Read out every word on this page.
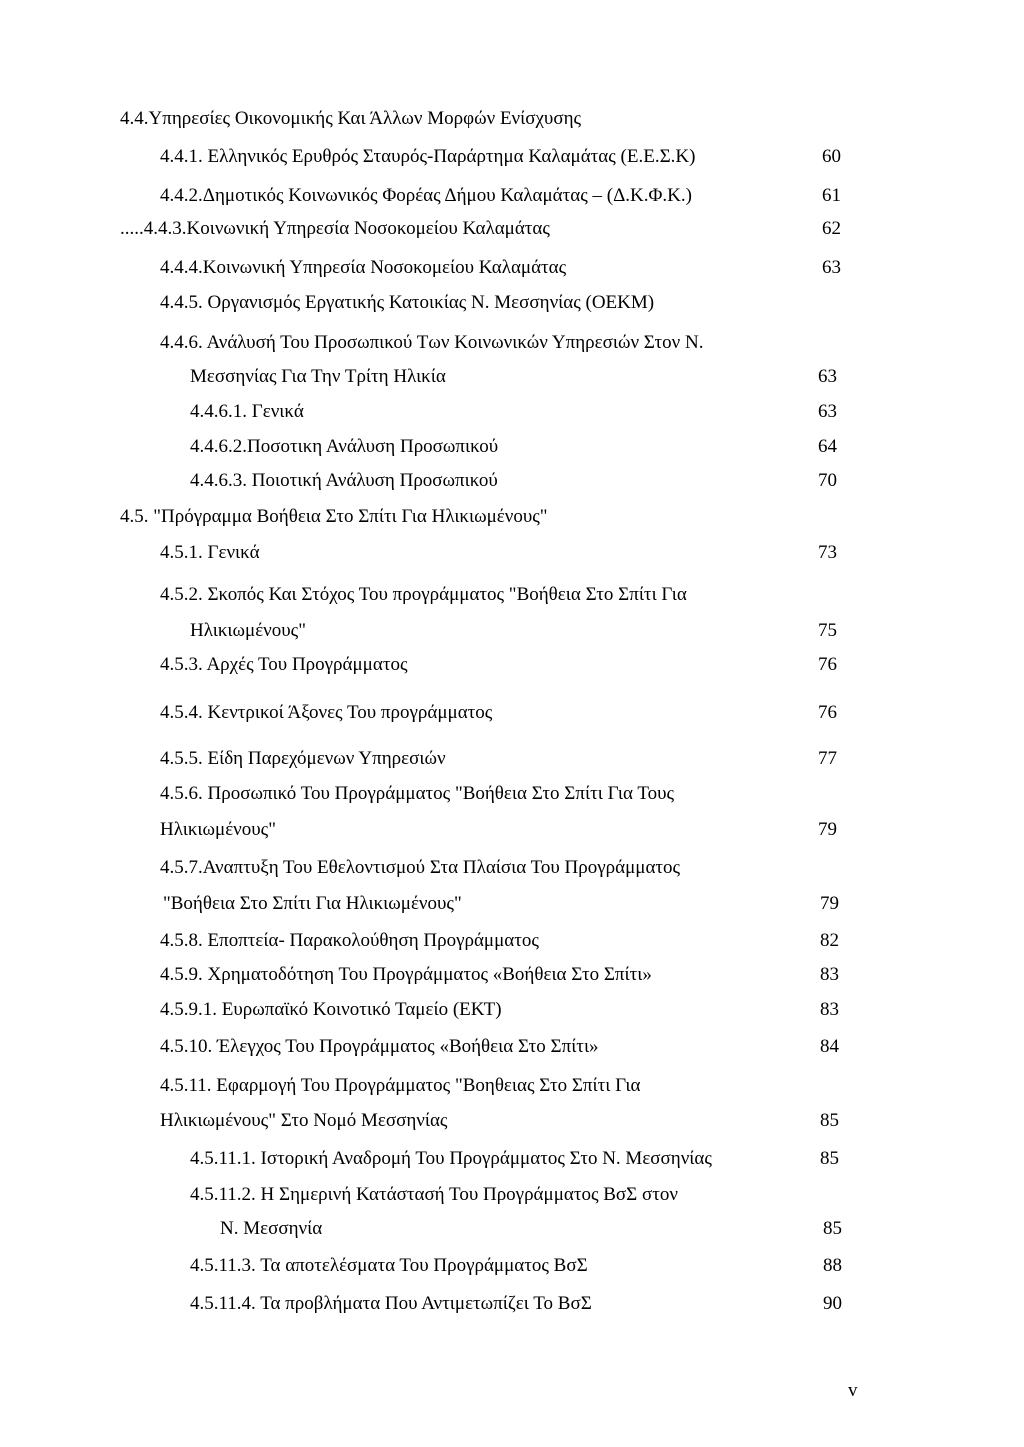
4.4.Υπηρεσίες Οικονομικής Και Άλλων Μορφών Ενίσχυσης
4.4.1. Ελληνικός Ερυθρός Σταυρός-Παράρτημα Καλαμάτας (Ε.Ε.Σ.Κ)	60
4.4.2.Δημοτικός Κοινωνικός Φορέας Δήμου Καλαμάτας – (Δ.Κ.Φ.Κ.)	61
.....4.4.3.Κοινωνική Υπηρεσία Νοσοκομείου Καλαμάτας	62
4.4.4.Κοινωνική Υπηρεσία Νοσοκομείου Καλαμάτας	63
4.4.5. Οργανισμός Εργατικής Κατοικίας Ν. Μεσσηνίας (ΟΕΚΜ)
4.4.6. Ανάλυσή Του Προσωπικού Των Κοινωνικών Υπηρεσιών Στον Ν.
Μεσσηνίας Για Την Τρίτη Ηλικία	63
4.4.6.1. Γενικά	63
4.4.6.2.Ποσοτικη Ανάλυση Προσωπικού	64
4.4.6.3. Ποιοτική Ανάλυση Προσωπικού	70
4.5. "Πρόγραμμα Βοήθεια Στο Σπίτι Για Ηλικιωμένους"
4.5.1. Γενικά	73
4.5.2. Σκοπός Και Στόχος Του προγράμματος "Βοήθεια Στο Σπίτι Για
Ηλικιωμένους"	75
4.5.3. Αρχές Του Προγράμματος	76
4.5.4. Κεντρικοί Άξονες Του προγράμματος	76
4.5.5. Είδη Παρεχόμενων Υπηρεσιών	77
4.5.6. Προσωπικό Του Προγράμματος "Βοήθεια Στο Σπίτι Για Τους
Ηλικιωμένους"	79
4.5.7.Αναπτυξη Του Εθελοντισμού Στα Πλαίσια Του Προγράμματος
"Βοήθεια Στο Σπίτι Για Ηλικιωμένους"	79
4.5.8. Εποπτεία- Παρακολούθηση Προγράμματος	82
4.5.9. Χρηματοδότηση Του Προγράμματος «Βοήθεια Στο Σπίτι»	83
4.5.9.1. Ευρωπαϊκό Κοινοτικό Ταμείο (ΕΚΤ)	83
4.5.10. Έλεγχος Του Προγράμματος «Βοήθεια Στο Σπίτι»	84
4.5.11. Εφαρμογή Του Προγράμματος "Βοηθειας Στο Σπίτι Για
Ηλικιωμένους" Στο Νομό Μεσσηνίας	85
4.5.11.1. Ιστορική Αναδρομή Του Προγράμματος Στο Ν. Μεσσηνίας	85
4.5.11.2. Η Σημερινή Κατάστασή Του Προγράμματος ΒσΣ στον
Ν. Μεσσηνία	85
4.5.11.3. Τα αποτελέσματα Του Προγράμματος ΒσΣ	88
4.5.11.4. Τα προβλήματα Που Αντιμετωπίζει Το ΒσΣ	90
v
